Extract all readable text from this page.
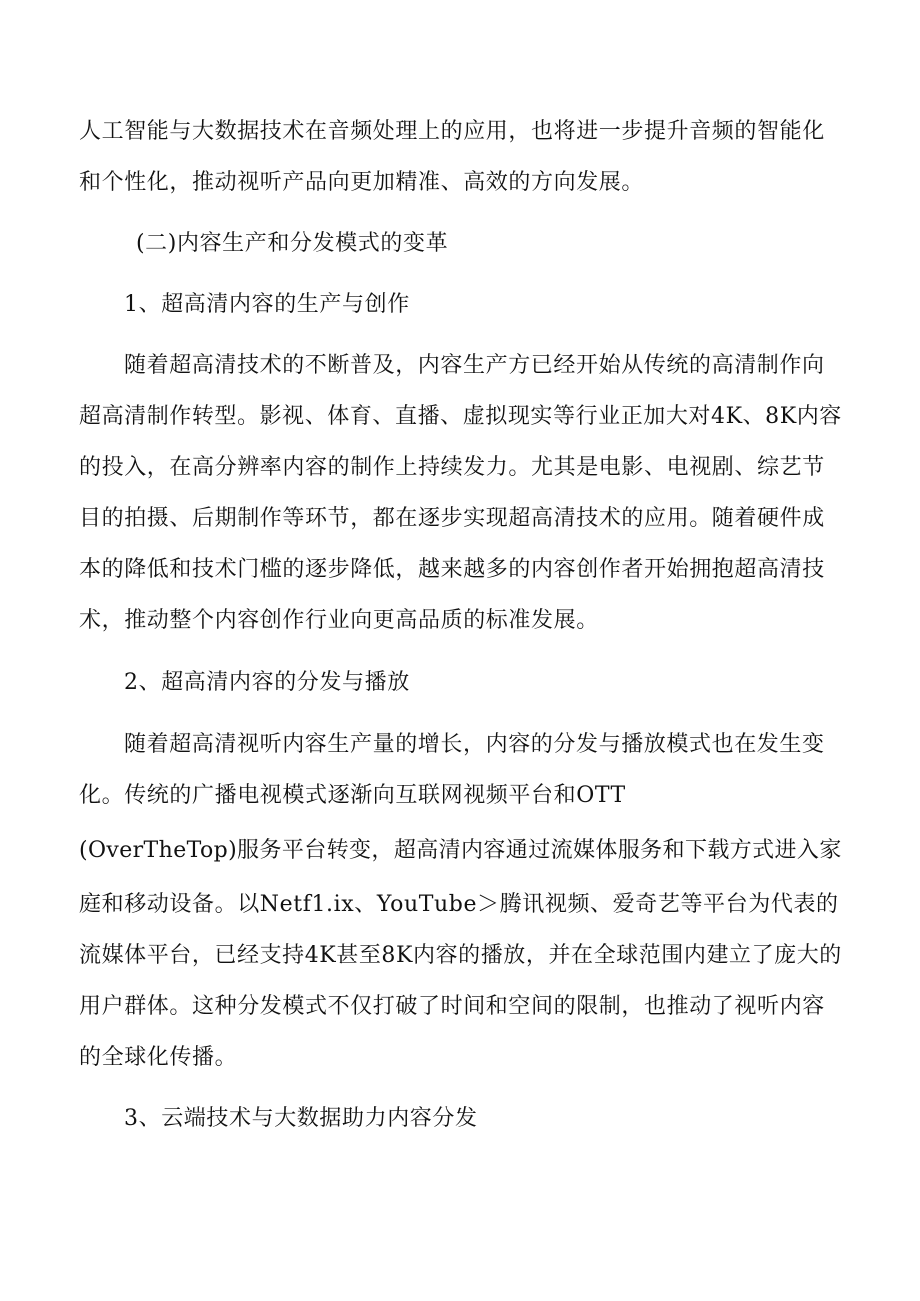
人工智能与大数据技术在音频处理上的应用，也将进一步提升音频的智能化
和个性化，推动视听产品向更加精准、高效的方向发展。
(二)内容生产和分发模式的变革
1、超高清内容的生产与创作
随着超高清技术的不断普及，内容生产方已经开始从传统的高清制作向
超高清制作转型。影视、体育、直播、虚拟现实等行业正加大对4K、8K内容
的投入，在高分辨率内容的制作上持续发力。尤其是电影、电视剧、综艺节
目的拍摄、后期制作等环节，都在逐步实现超高清技术的应用。随着硬件成
本的降低和技术门槛的逐步降低，越来越多的内容创作者开始拥抱超高清技
术，推动整个内容创作行业向更高品质的标准发展。
2、超高清内容的分发与播放
随着超高清视听内容生产量的增长，内容的分发与播放模式也在发生变
化。传统的广播电视模式逐渐向互联网视频平台和OTT
(OverTheTop)服务平台转变，超高清内容通过流媒体服务和下载方式进入家
庭和移动设备。以Netf1.ix、YouTube＞腾讯视频、爱奇艺等平台为代表的
流媒体平台，已经支持4K甚至8K内容的播放，并在全球范围内建立了庞大的
用户群体。这种分发模式不仅打破了时间和空间的限制，也推动了视听内容
的全球化传播。
3、云端技术与大数据助力内容分发
